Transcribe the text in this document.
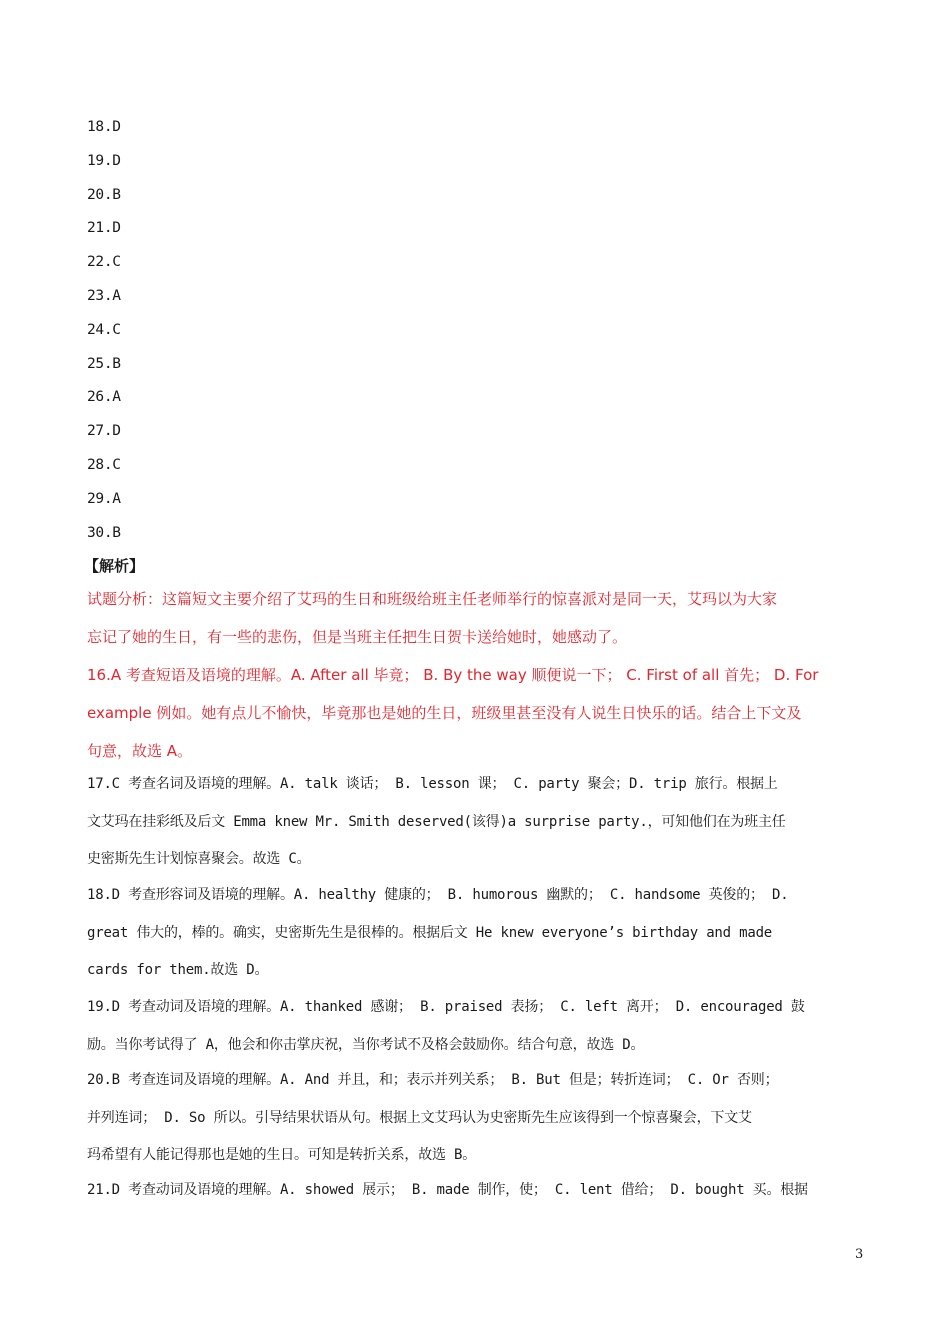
18.D
19.D
20.B
21.D
22.C
23.A
24.C
25.B
26.A
27.D
28.C
29.A
30.B
【解析】
试题分析：这篇短文主要介绍了艾玛的生日和班级给班主任老师举行的惊喜派对是同一天，艾玛以为大家
忘记了她的生日，有一些的悲伤，但是当班主任把生日贺卡送给她时，她感动了。
16.A 考查短语及语境的理解。A. After all 毕竟； B. By the way 顺便说一下； C. First of all 首先； D. For
example 例如。她有点儿不愉快，毕竟那也是她的生日，班级里甚至没有人说生日快乐的话。结合上下文及
句意，故选 A。
17.C 考查名词及语境的理解。A. talk 谈话； B. lesson 课； C. party 聚会；D. trip 旅行。根据上
文艾玛在挂彩纸及后文 Emma knew Mr. Smith deserved(该得)a surprise party.，可知他们在为班主任
史密斯先生计划惊喜聚会。故选 C。
18.D 考查形容词及语境的理解。A. healthy 健康的； B. humorous 幽默的； C. handsome 英俊的； D.
great 伟大的，棒的。确实，史密斯先生是很棒的。根据后文 He knew everyone’s birthday and made
cards for them.故选 D。
19.D 考查动词及语境的理解。A. thanked 感谢； B. praised 表扬； C. left 离开； D. encouraged 鼓
励。当你考试得了 A，他会和你击掌庆祝，当你考试不及格会鼓励你。结合句意，故选 D。
20.B 考查连词及语境的理解。A. And 并且，和；表示并列关系； B. But 但是；转折连词； C. Or 否则；
并列连词； D. So 所以。引导结果状语从句。根据上文艾玛认为史密斯先生应该得到一个惊喜聚会，下文艾
玛希望有人能记得那也是她的生日。可知是转折关系，故选 B。
21.D 考查动词及语境的理解。A. showed 展示； B. made 制作，使； C. lent 借给； D. bought 买。根据
3
